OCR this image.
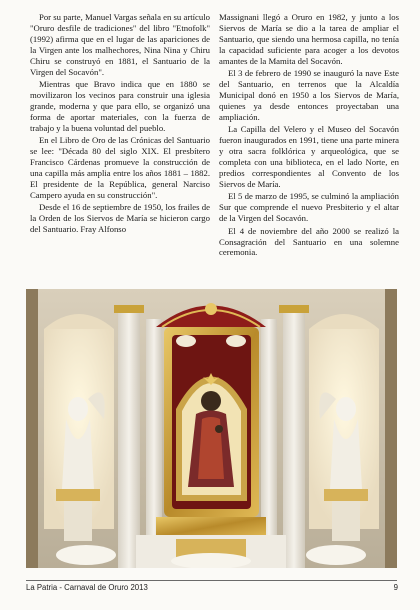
Por su parte, Manuel Vargas señala en su artículo "Oruro desfile de tradiciones" del libro "Etnofolk" (1992) afirma que en el lugar de las apariciones de la Virgen ante los malhechores, Nina Nina y Chiru Chiru se construyó en 1881, el Santuario de la Virgen del Socavón".

Mientras que Bravo indica que en 1880 se movilizaron los vecinos para construir una iglesia grande, moderna y que para ello, se organizó una forma de aportar materiales, con la fuerza de trabajo y la buena voluntad del pueblo.

En el Libro de Oro de las Crónicas del Santuario se lee: "Década 80 del siglo XIX. El presbítero Francisco Cárdenas promueve la construcción de una capilla más amplia entre los años 1881 – 1882. El presidente de la República, general Narciso Campero ayuda en su construcción".

Desde el 16 de septiembre de 1950, los frailes de la Orden de los Siervos de María se hicieron cargo del Santuario. Fray Alfonso

Massignani llegó a Oruro en 1982, y junto a los Siervos de María se dio a la tarea de ampliar el Santuario, que siendo una hermosa capilla, no tenía la capacidad suficiente para acoger a los devotos amantes de la Mamita del Socavón.

El 3 de febrero de 1990 se inauguró la nave Este del Santuario, en terrenos que la Alcaldía Municipal donó en 1950 a los Siervos de María, quienes ya desde entonces proyectaban una ampliación.

La Capilla del Velero y el Museo del Socavón fueron inaugurados en 1991, tiene una parte minera y otra sacra folklórica y arqueológica, que se completa con una biblioteca, en el lado Norte, en predios correspondientes al Convento de los Siervos de María.

El 5 de marzo de 1995, se culminó la ampliación Sur que comprende el nuevo Presbiterio y el altar de la Virgen del Socavón.

El 4 de noviembre del año 2000 se realizó la Consagración del Santuario en una solemne ceremonia.

La Patria - Carnaval de Oruro 2013	9
